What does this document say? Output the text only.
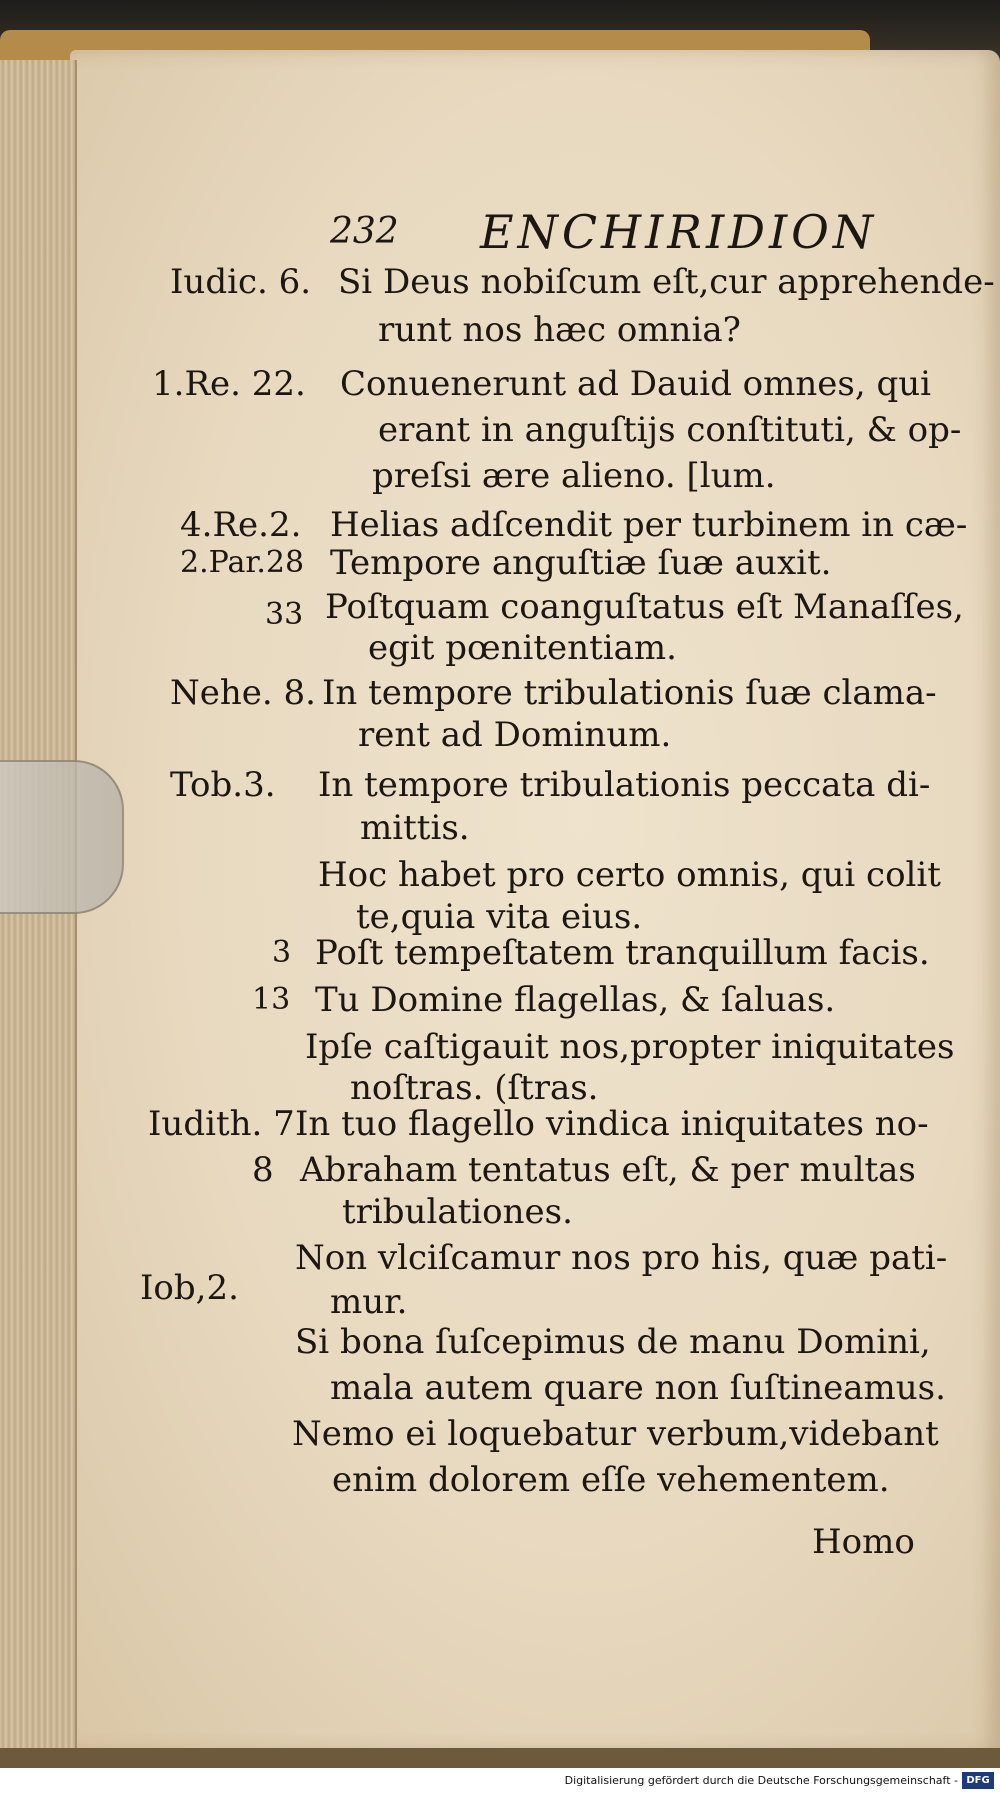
232 ENCHIRIDION
Iudic. 6.
1.Re. 22.
4.Re.2.
2.Par.28
33
Nehe. 8.
Tob.3.
3
13
Iudith. 7
8
Iob,2.
Si Deus nobiſcum eſt,cur apprehende-
runt nos hæc omnia?
Conuenerunt ad Dauid omnes, qui
erant in anguſtijs conſtituti, & op-
preſsi ære alieno. [lum.
Helias adſcendit per turbinem in cæ-
Tempore anguſtiæ ſuæ auxit.
Poſtquam coanguſtatus eſt Manaſſes,
egit pœnitentiam.
In tempore tribulationis ſuæ clama-
rent ad Dominum.
In tempore tribulationis peccata di-
mittis.
Hoc habet pro certo omnis, qui colit
te,quia vita eius.
Poſt tempeſtatem tranquillum facis.
Tu Domine flagellas, & ſaluas.
Ipſe caſtigauit nos,propter iniquitates
noſtras. (ſtras.
In tuo flagello vindica iniquitates no-
Abraham tentatus eſt, & per multas
tribulationes.
Non vlciſcamur nos pro his, quæ pati-
mur.
Si bona ſuſcepimus de manu Domini,
mala autem quare non ſuſtineamus.
Nemo ei loquebatur verbum,videbant
enim dolorem eſſe vehementem.
Homo
Digitalisierung gefördert durch die Deutsche Forschungsgemeinschaft - DFG
